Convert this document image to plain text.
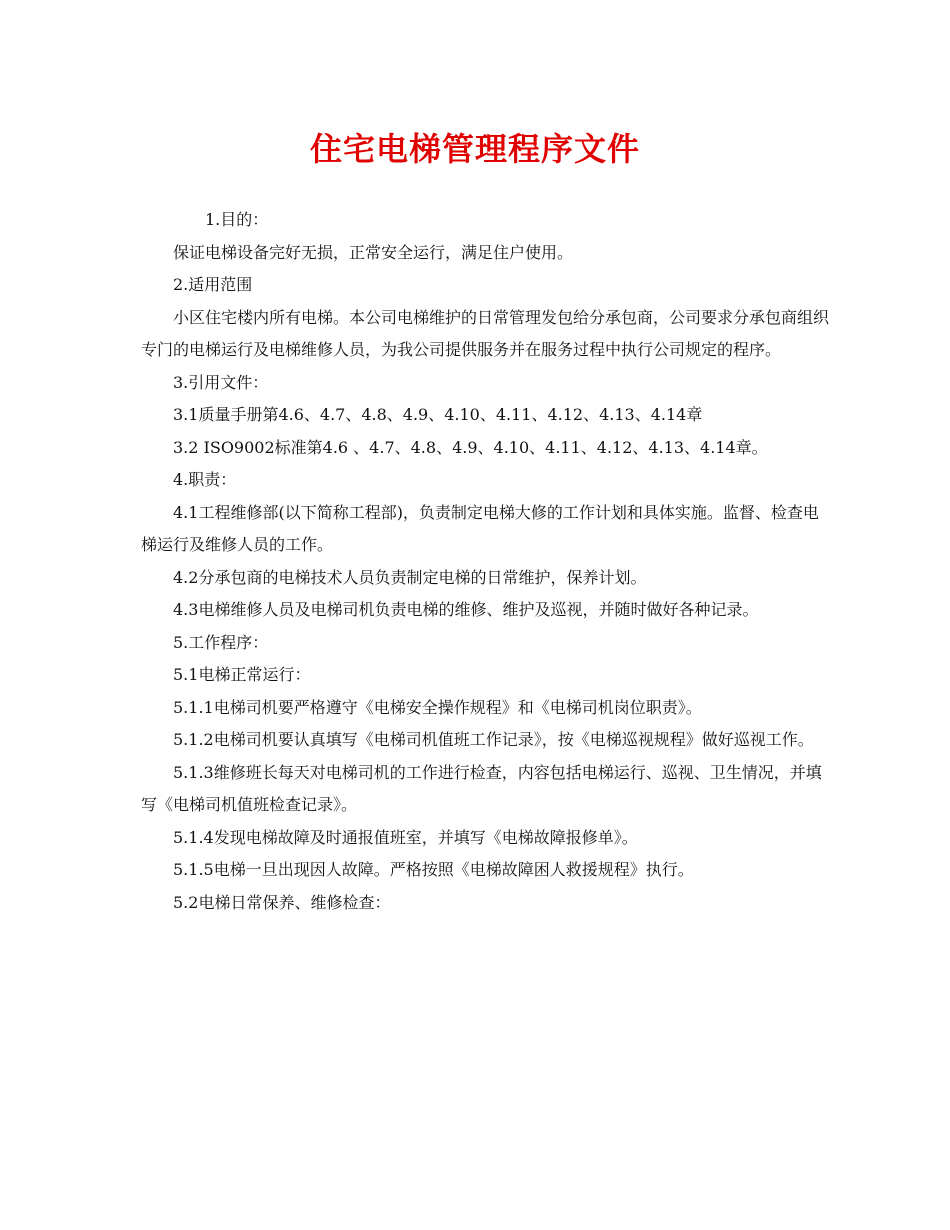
住宅电梯管理程序文件

1.目的：

保证电梯设备完好无损，正常安全运行，满足住户使用。

2.适用范围

小区住宅楼内所有电梯。本公司电梯维护的日常管理发包给分承包商，公司要求分承包商组织专门的电梯运行及电梯维修人员，为我公司提供服务并在服务过程中执行公司规定的程序。

3.引用文件：

3.1质量手册第4.6、4.7、4.8、4.9、4.10、4.11、4.12、4.13、4.14章

3.2 ISO9002标准第4.6 、4.7、4.8、4.9、4.10、4.11、4.12、4.13、4.14章。

4.职责：

4.1工程维修部(以下简称工程部)，负责制定电梯大修的工作计划和具体实施。监督、检查电梯运行及维修人员的工作。

4.2分承包商的电梯技术人员负责制定电梯的日常维护，保养计划。

4.3电梯维修人员及电梯司机负责电梯的维修、维护及巡视，并随时做好各种记录。

5.工作程序：

5.1电梯正常运行：

5.1.1电梯司机要严格遵守《电梯安全操作规程》和《电梯司机岗位职责》。

5.1.2电梯司机要认真填写《电梯司机值班工作记录》，按《电梯巡视规程》做好巡视工作。

5.1.3维修班长每天对电梯司机的工作进行检查，内容包括电梯运行、巡视、卫生情况，并填写《电梯司机值班检查记录》。

5.1.4发现电梯故障及时通报值班室，并填写《电梯故障报修单》。

5.1.5电梯一旦出现因人故障。严格按照《电梯故障困人救援规程》执行。

5.2电梯日常保养、维修检查：
